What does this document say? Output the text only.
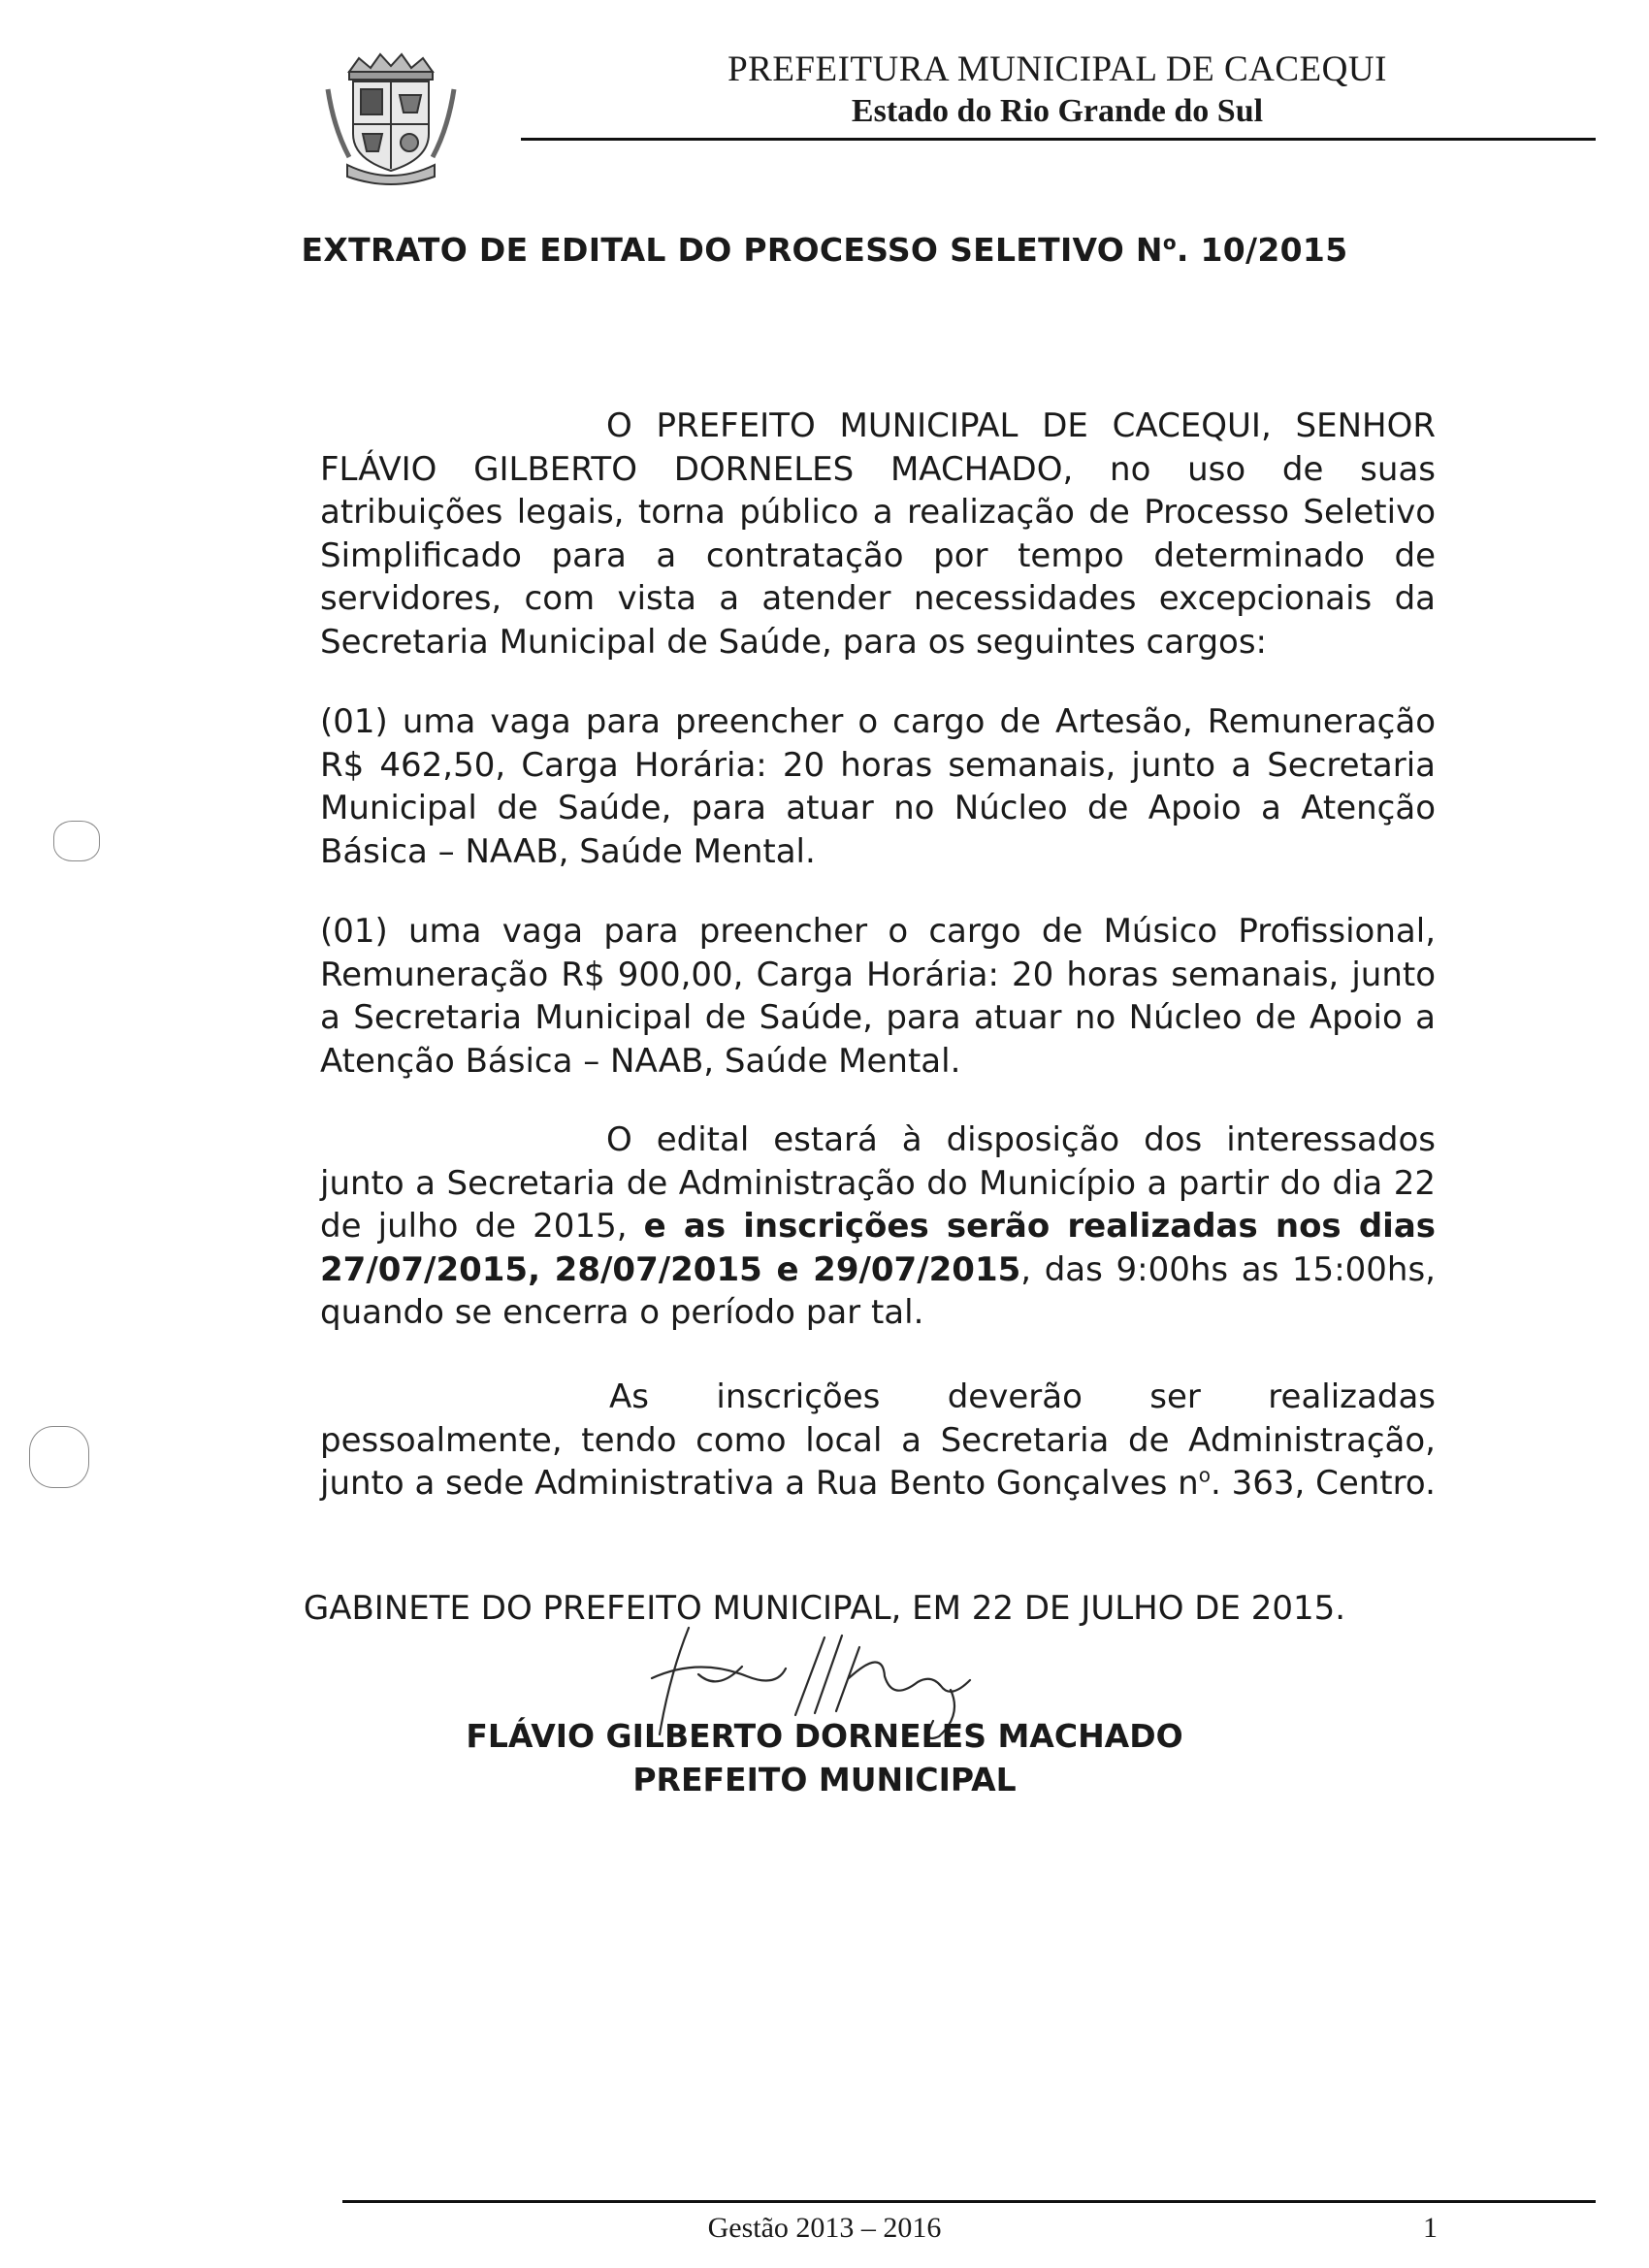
PREFEITURA MUNICIPAL DE CACEQUI
Estado do Rio Grande do Sul
EXTRATO DE EDITAL DO PROCESSO SELETIVO $N^o$. 10/2015
O PREFEITO MUNICIPAL DE CACEQUI, SENHOR FLÁVIO GILBERTO DORNELES MACHADO, no uso de suas atribuições legais, torna público a realização de Processo Seletivo Simplificado para a contratação por tempo determinado de servidores, com vista a atender necessidades excepcionais da Secretaria Municipal de Saúde, para os seguintes cargos:
(01) uma vaga para preencher o cargo de Artesão, Remuneração R$ 462,50, Carga Horária: 20 horas semanais, junto a Secretaria Municipal de Saúde, para atuar no Núcleo de Apoio a Atenção Básica – NAAB, Saúde Mental.
(01) uma vaga para preencher o cargo de Músico Profissional, Remuneração R$ 900,00, Carga Horária: 20 horas semanais, junto a Secretaria Municipal de Saúde, para atuar no Núcleo de Apoio a Atenção Básica – NAAB, Saúde Mental.
O edital estará à disposição dos interessados junto a Secretaria de Administração do Município a partir do dia 22 de julho de 2015, e as inscrições serão realizadas nos dias 27/07/2015, 28/07/2015 e 29/07/2015, das 9:00hs as 15:00hs, quando se encerra o período par tal.
As inscrições deverão ser realizadas pessoalmente, tendo como local a Secretaria de Administração, junto a sede Administrativa a Rua Bento Gonçalves $n^o$. 363, Centro.
GABINETE DO PREFEITO MUNICIPAL, EM 22 DE JULHO DE 2015.
FLÁVIO GILBERTO DORNELES MACHADO
PREFEITO MUNICIPAL
Gestão 2013 – 2016	1
